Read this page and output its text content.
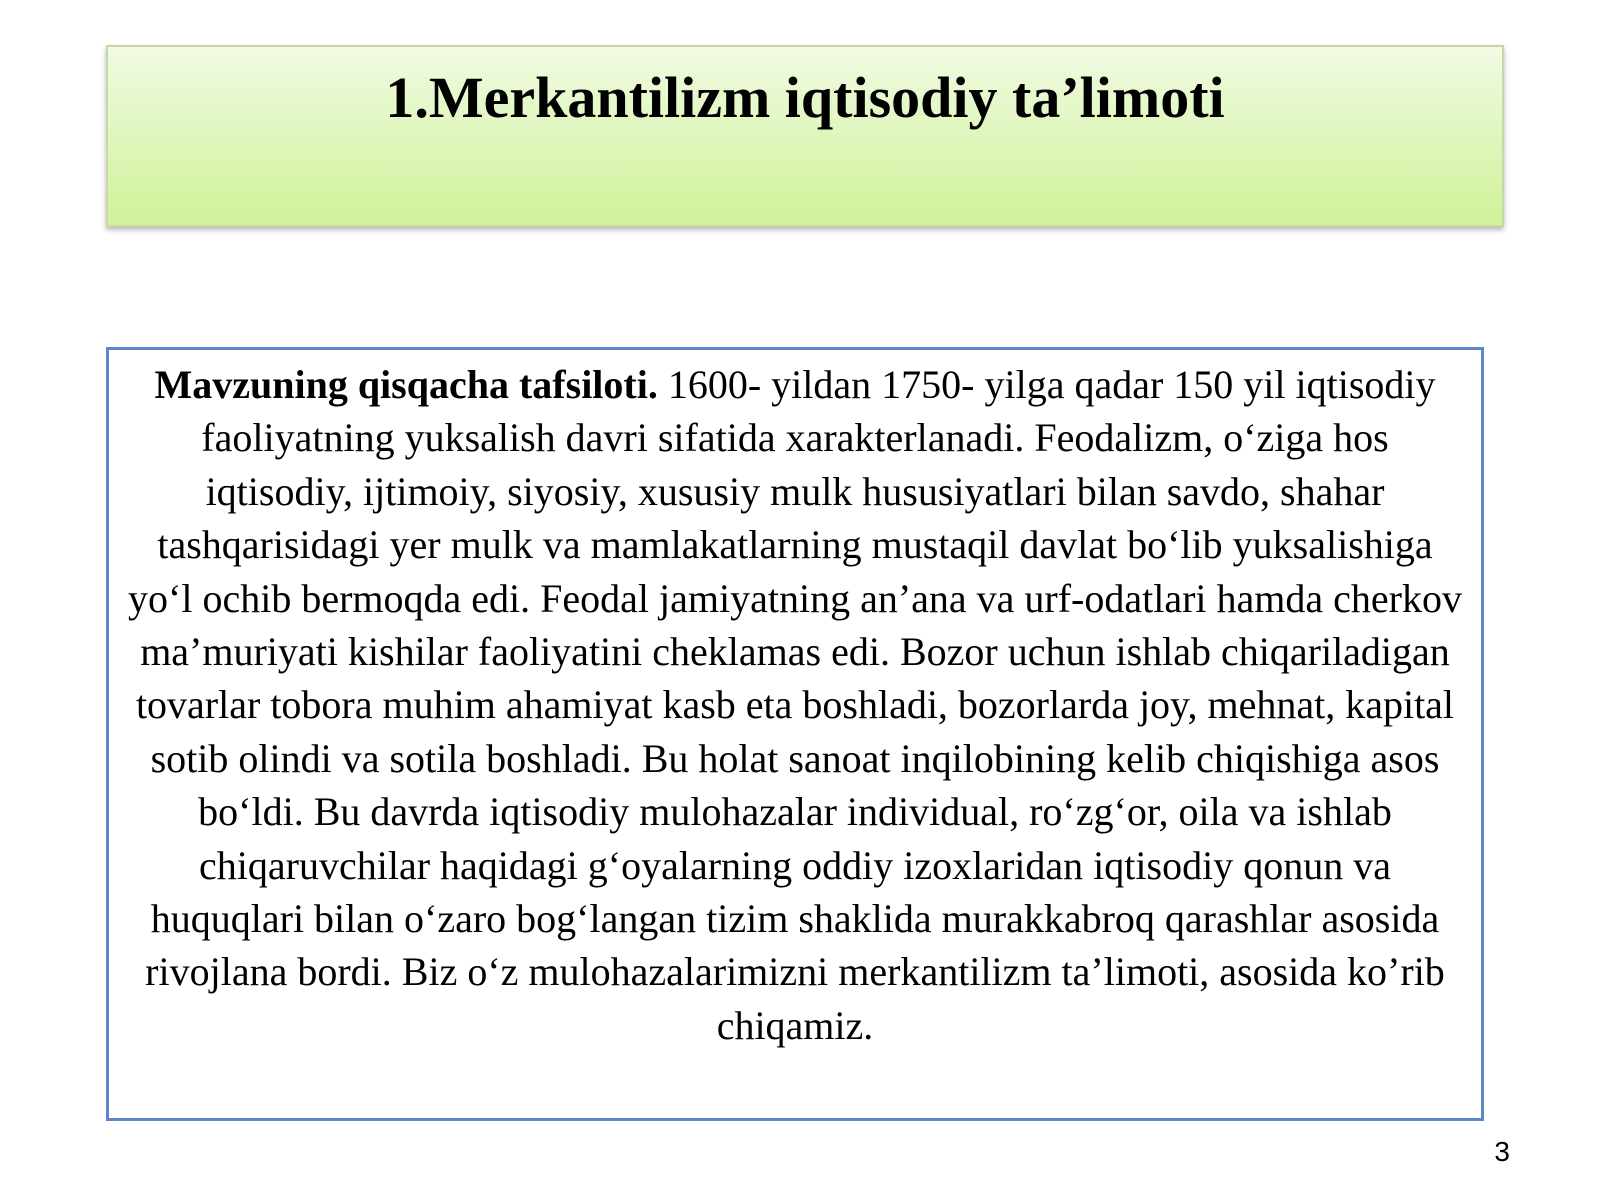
1.Merkantilizm iqtisodiy ta’limoti

Mavzuning qisqacha tafsiloti. 1600- yildan 1750- yilga qadar 150 yil iqtisodiy faoliyatning yuksalish davri sifatida xarakterlanadi. Feodalizm, o‘ziga hos iqtisodiy, ijtimoiy, siyosiy, xususiy mulk hususiyatlari bilan savdo, shahar tashqarisidagi yer mulk va mamlakatlarning mustaqil davlat bo‘lib yuksalishiga yo‘l ochib bermoqda edi. Feodal jamiyatning an’ana va urf-odatlari hamda cherkov ma’muriyati kishilar faoliyatini cheklamas edi. Bozor uchun ishlab chiqariladigan tovarlar tobora muhim ahamiyat kasb eta boshladi, bozorlarda joy, mehnat, kapital sotib olindi va sotila boshladi. Bu holat sanoat inqilobining kelib chiqishiga asos bo‘ldi. Bu davrda iqtisodiy mulohazalar individual, ro‘zg‘or, oila va ishlab chiqaruvchilar haqidagi g‘oyalarning oddiy izoxlaridan iqtisodiy qonun va huquqlari bilan o‘zaro bog‘langan tizim shaklida murakkabroq qarashlar asosida rivojlana bordi. Biz o‘z mulohazalarimizni merkantilizm ta’limoti, asosida ko’rib chiqamiz.

3
